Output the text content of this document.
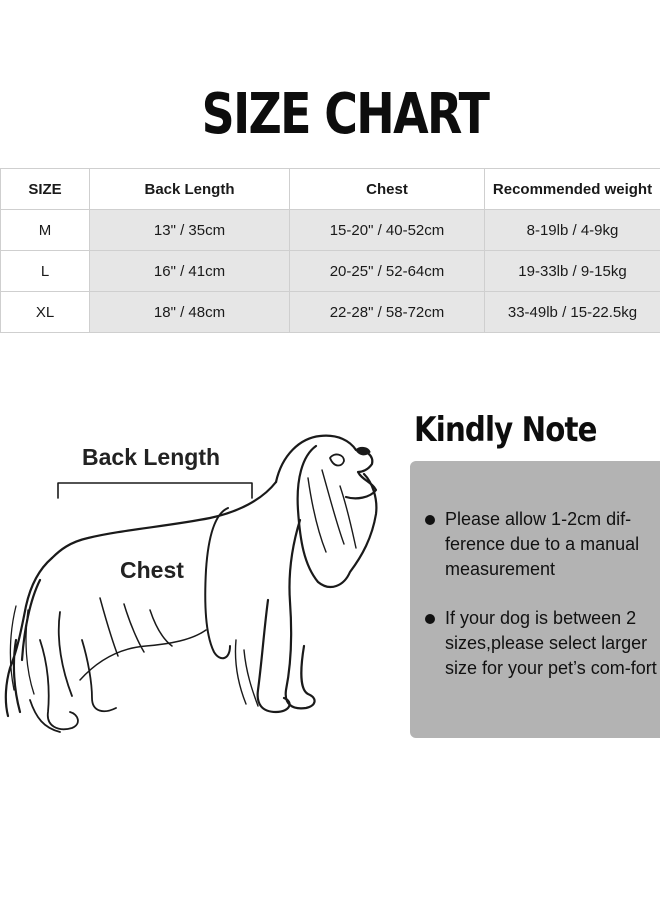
SIZE CHART
SIZE	Back Length	Chest	Recommended weight
M	13" / 35cm	15-20" / 40-52cm	8-19lb / 4-9kg
L	16" / 41cm	20-25" / 52-64cm	19-33lb / 9-15kg
XL	18" / 48cm	22-28" / 58-72cm	33-49lb / 15-22.5kg
Back Length
Chest
Kindly Note
Please allow 1-2cm dif-ference due to a manual measurement
If your dog is between 2 sizes,please select larger size for your pet’s com-fort
